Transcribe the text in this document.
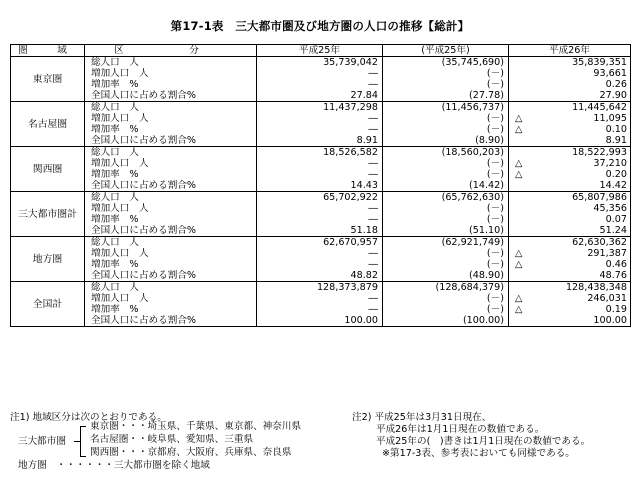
第17-1表　三大都市圏及び地方圏の人口の推移【総計】
圏　域	区　分	平成25年	(平成25年)	平成26年
東京圏	総人口　人	35,739,042	(35,745,690)	35,839,351
	増加人口　人	―	(－)	93,661
	増加率　%	―	(－)	0.26
	全国人口に占める割合%	27.84	(27.78)	27.90
名古屋圏	総人口　人	11,437,298	(11,456,737)	11,445,642
	増加人口　人	―	(－)	△ 11,095
	増加率　%	―	(－)	△ 0.10
	全国人口に占める割合%	8.91	(8.90)	8.91
関西圏	総人口　人	18,526,582	(18,560,203)	18,522,993
	増加人口　人	―	(－)	△ 37,210
	増加率　%	―	(－)	△ 0.20
	全国人口に占める割合%	14.43	(14.42)	14.42
三大都市圏計	総人口　人	65,702,922	(65,762,630)	65,807,986
	増加人口　人	―	(－)	45,356
	増加率　%	―	(－)	0.07
	全国人口に占める割合%	51.18	(51.10)	51.24
地方圏	総人口　人	62,670,957	(62,921,749)	62,630,362
	増加人口　人	―	(－)	△ 291,387
	増加率　%	―	(－)	△ 0.46
	全国人口に占める割合%	48.82	(48.90)	48.76
全国計	総人口　人	128,373,879	(128,684,379)	128,438,348
	増加人口　人	―	(－)	△ 246,031
	増加率　%	―	(－)	△ 0.19
	全国人口に占める割合%	100.00	(100.00)	100.00
注1) 地域区分は次のとおりである。
三大都市圏
東京圏・・・埼玉県、千葉県、東京都、神奈川県
名古屋圏・・岐阜県、愛知県、三重県
関西圏・・・京都府、大阪府、兵庫県、奈良県
地方圏　・・・・・・三大都市圏を除く地域
注2) 平成25年は3月31日現在、
平成26年は1月1日現在の数値である。
平成25年の(　)書きは1月1日現在の数値である。
※第17-3表、参考表においても同様である。
